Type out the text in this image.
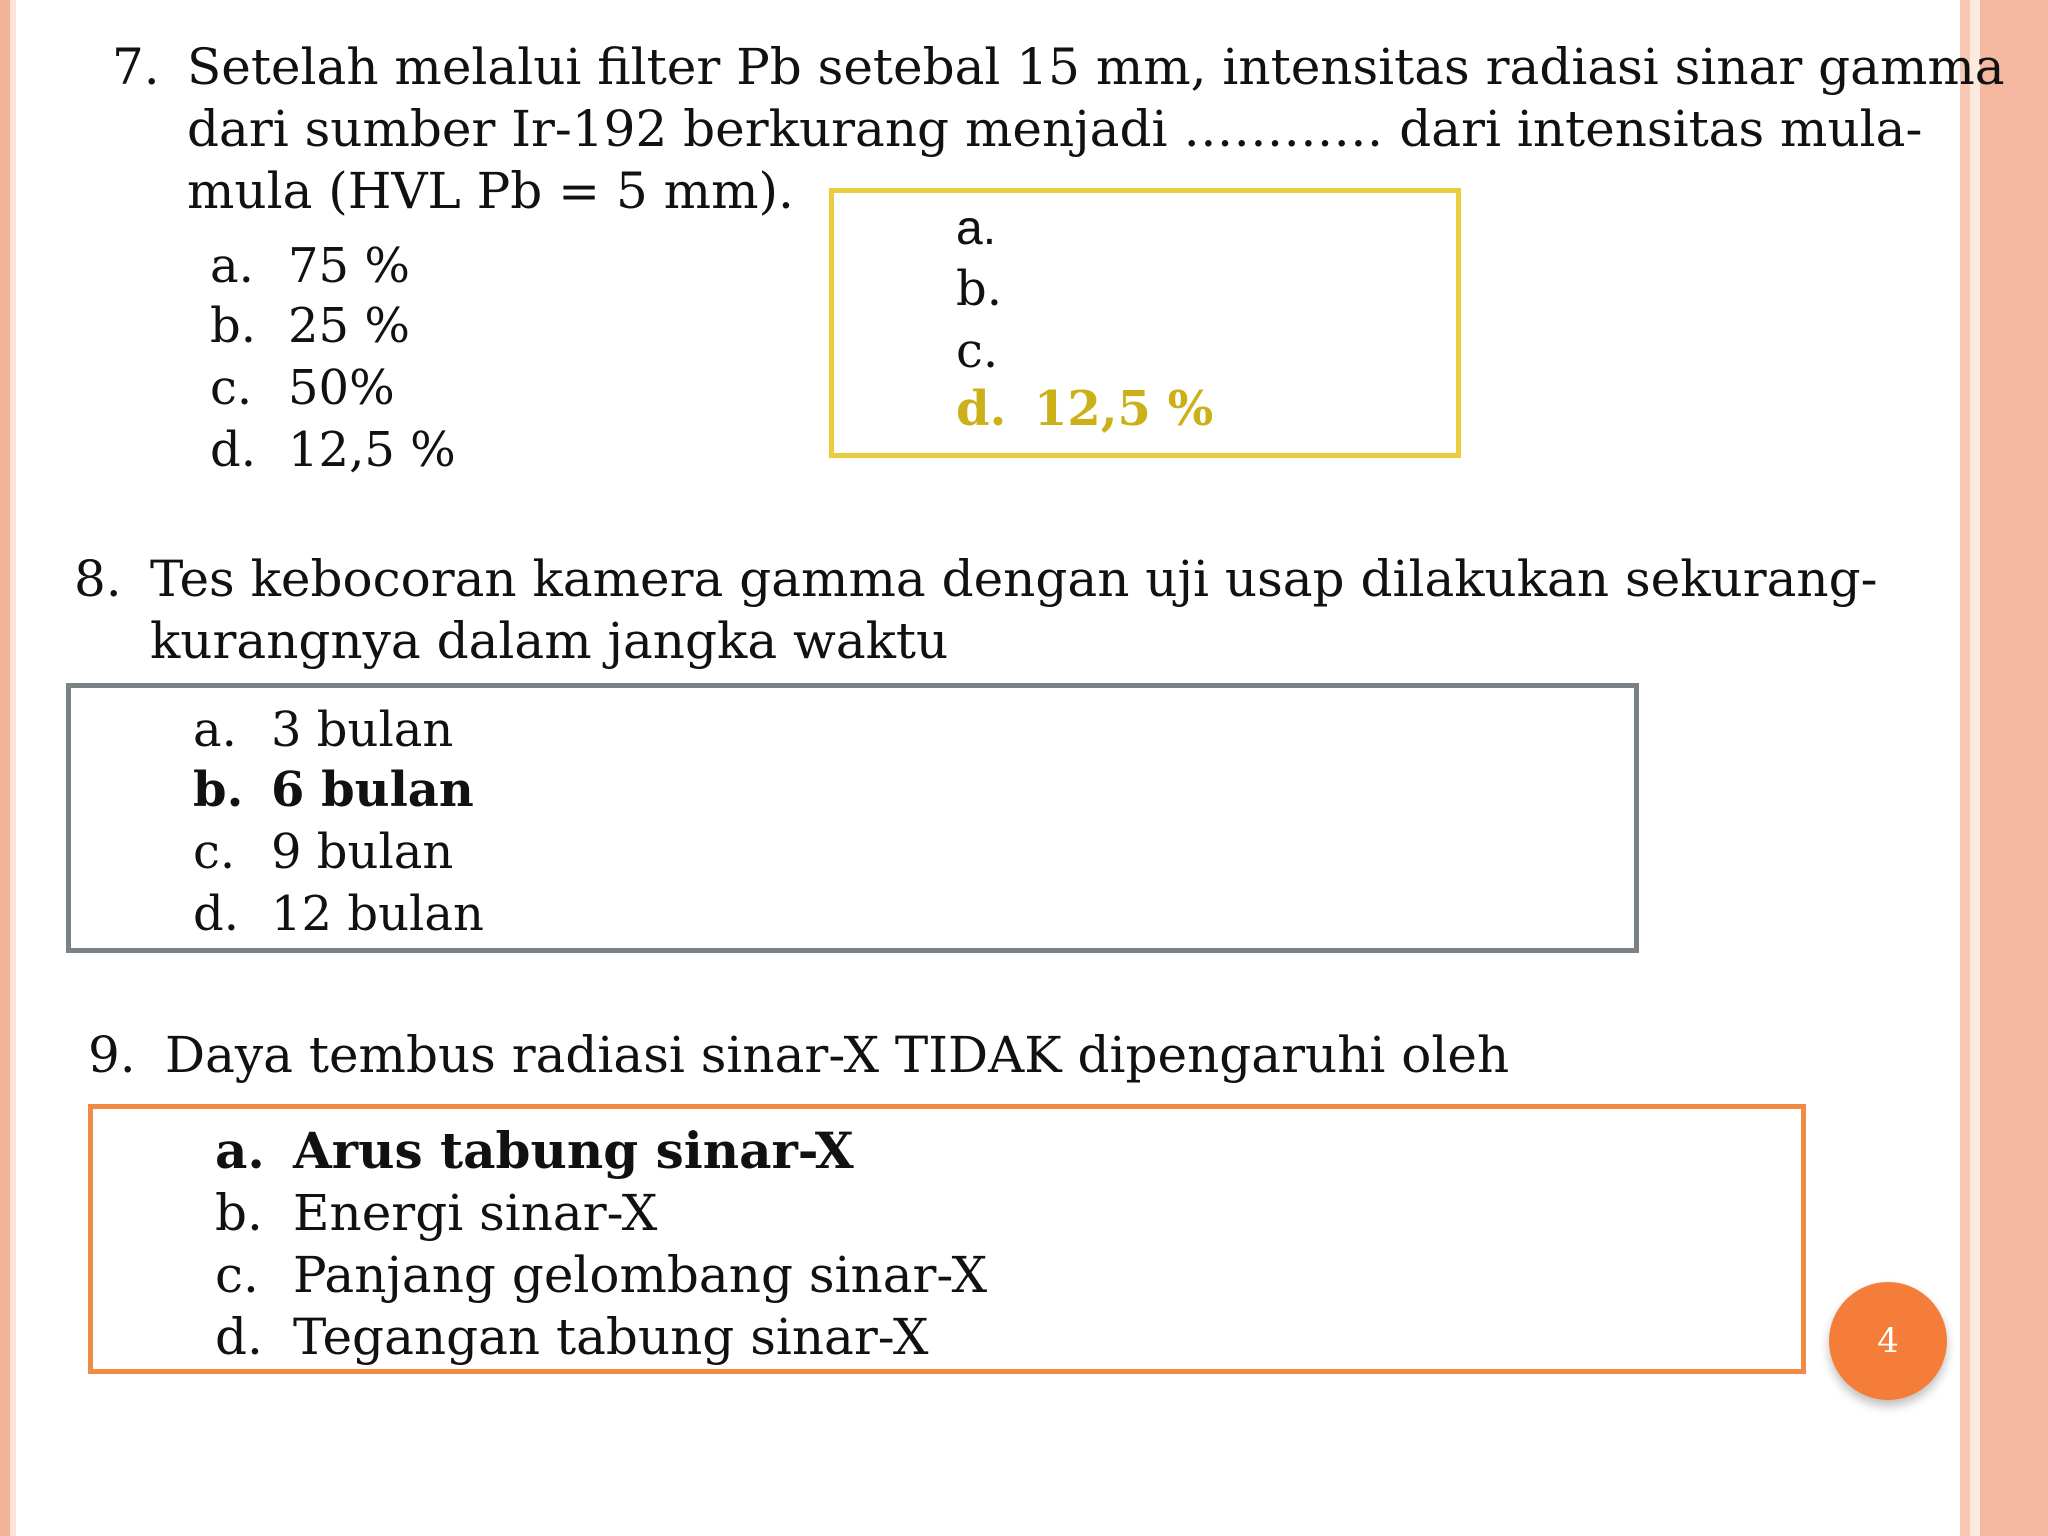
7. Setelah melalui filter Pb setebal 15 mm, intensitas radiasi sinar gamma
dari sumber Ir-192 berkurang menjadi ………… dari intensitas mula-
mula (HVL Pb = 5 mm).
a. 75 %
b. 25 %
c. 50%
d. 12,5 %
a.
b.
c.
d. 12,5 %
8. Tes kebocoran kamera gamma dengan uji usap dilakukan sekurang-
kurangnya dalam jangka waktu
a. 3 bulan
b. 6 bulan
c. 9 bulan
d. 12 bulan
9. Daya tembus radiasi sinar-X TIDAK dipengaruhi oleh
a. Arus tabung sinar-X
b. Energi sinar-X
c. Panjang gelombang sinar-X
d. Tegangan tabung sinar-X	4
